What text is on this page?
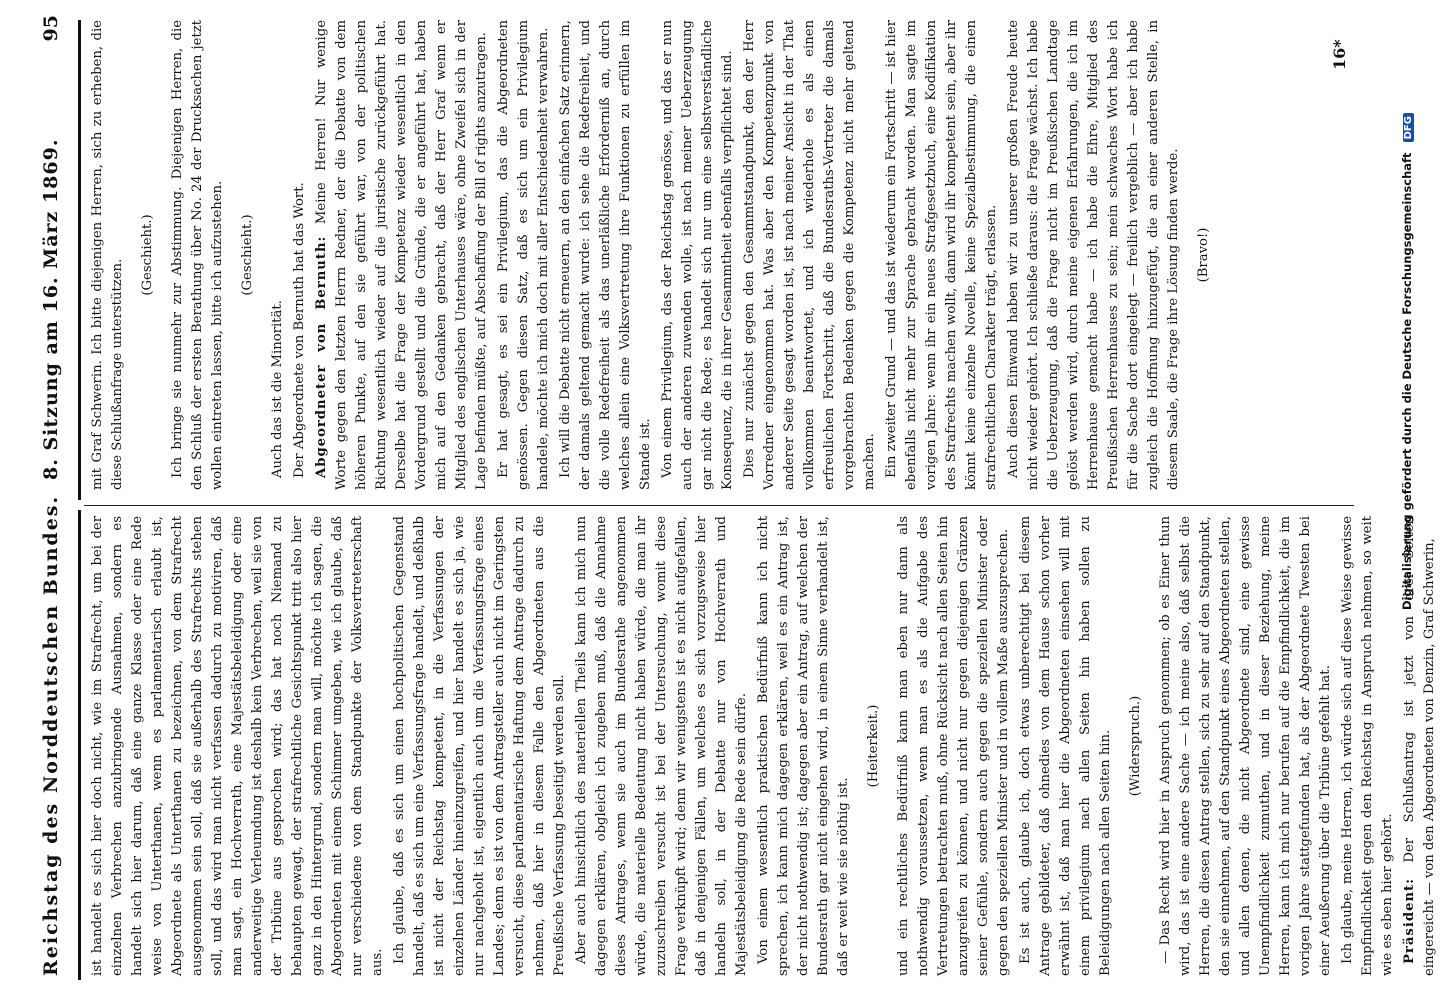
Reichstag des Norddeutschen Bundes.
8. Sitzung am 16. März 1869.
95

ist handelt es sich hier doch nicht, wie im Strafrecht, um bei der einzelnen Verbrechen anzubringende Ausnahmen, sondern es handelt sich hier darum, daß eine ganze Klasse oder eine Rede weise von Unterthanen, wenn es parlamentarisch erlaubt ist, Abgeordnete als Unterthanen zu bezeichnen, von dem Strafrecht ausgenommen sein soll, daß sie außerhalb des Strafrechts stehen soll, und das wird man nicht verfassen dadurch zu motiviren, daß man sagt, ein Hochverrath, eine Majestätsbeleidigung oder eine anderweitige Verleumdung ist deshalb kein Verbrechen, weil sie von der Tribüne aus gesprochen wird; das hat noch Niemand zu behaupten gewagt, der strafrechtliche Gesichtspunkt tritt also hier ganz in den Hintergrund, sondern man will, möchte ich sagen, die Abgeordneten mit einem Schimmer umgeben, wie ich glaube, daß nur verschiedene von dem Standpunkte der Volksvertreterschaft aus. Ich glaube, daß es sich um einen hochpolitischen Gegenstand handelt, daß es sich um eine Verfassungsfrage handelt, und deßhalb ist nicht der Reichstag kompetent, in die Verfassungen der einzelnen Länder hineinzugreifen, und hier handelt es sich ja, wie nur nachgeholt ist, eigentlich auch um die Verfassungsfrage eines Landes; denn es ist von dem Antragsteller auch nicht im Geringsten versucht, diese parlamentarische Haftung dem Antrage dadurch zu nehmen, daß hier in diesem Falle den Abgeordneten aus die Preußische Verfassung beseitigt werden soll. Aber auch hinsichtlich des materiellen Theils kann ich mich nun dagegen erklären, obgleich ich zugeben muß, daß die Annahme dieses Antrages, wenn sie auch im Bundesrathe angenommen würde, die materielle Bedeutung nicht haben würde, die man ihr zuzuschreiben versucht ist bei der Untersuchung, womit diese Frage verknüpft wird; denn wir wenigstens ist es nicht aufgefallen, daß in denjenigen Fällen, um welches es sich vorzugsweise hier handeln soll, in der Debatte nur von Hochverrath und Majestätsbeleidigung die Rede sein dürfe. Von einem wesentlich praktischen Bedürfniß kann ich nicht sprechen, ich kann mich dagegen erklären, weil es ein Antrag ist, der nicht nothwendig ist; dagegen aber ein Antrag, auf welchen der Bundesrath gar nicht eingehen wird, in einem Sinne verhandelt ist, daß er weit wie sie nöthig ist.

(Heiterkeit.) und ein rechtliches Bedürfniß kann man eben nur dann als nothwendig voraussetzen, wenn man es als die Aufgabe des Vertretungen betrachten muß, ohne Rücksicht nach allen Seiten hin anzugreifen zu können, und nicht nur gegen diejenigen Gränzen seiner Gefühle, sondern auch gegen die speziellen Minister oder gegen den speziellen Minister und in vollem Maße auszusprechen. Es ist auch, glaube ich, doch etwas unberechtigt bei diesem Antrage gebildeter, daß ohnedies von dem Hause schon vorher erwähnt ist, daß man hier die Abgeordneten einsehen will mit einem privilegium nach allen Seiten hin haben sollen zu Beleidigungen nach allen Seiten hin. (Widerspruch.) — Das Recht wird hier in Anspruch genommen; ob es Einer thun wird, das ist eine andere Sache — ich meine also, daß selbst die Herren, die diesen Antrag stellen, sich zu sehr auf den Standpunkt, den sie einnehmen, auf den Standpunkt eines Abgeordneten stellen, und allen denen, die nicht Abgeordnete sind, eine gewisse Unempfindlichkeit zumuthen, und in dieser Beziehung, meine Herren, kann ich mich nur berufen auf die Empfindlichkeit, die im vorigen Jahre stattgefunden hat, als der Abgeordnete Twesten bei einer Aeußerung über die Tribüne gefehlt hat. Ich glaube, meine Herren, ich würde sich auf diese Weise gewisse Empfindlichkeit gegen den Reichstag in Anspruch nehmen, so weit wie es eben hier gehört. Präsident: Der Schlußantrag ist jetzt von drei Seiten eingereicht — von den Abgeordneten von Denzin, Graf Schwerin,

mit Graf Schwerin. Ich bitte diejenigen Herren, sich zu erheben, die diese Schlußanfrage unterstützen.

(Geschieht.) Ich bringe sie nunmehr zur Abstimmung. Diejenigen Herren, die den Schluß der ersten Berathung über No. 24 der Drucksachen jetzt wollen eintreten lassen, bitte ich aufzustehen. (Geschieht.)

Auch das ist die Minorität. Der Abgeordnete von Bernuth hat das Wort. Abgeordneter von Bernuth: Meine Herren! Nur wenige Worte gegen den letzten Herrn Redner, der die Debatte von dem höheren Punkte, auf den sie geführt war, von der politischen Richtung wesentlich wieder auf die juristische zurückgeführt hat. Derselbe hat die Frage der Kompetenz wieder wesentlich in den Vordergrund gestellt und die Gründe, die er angeführt hat, haben mich auf den Gedanken gebracht, daß der Herr Graf wenn er Mitglied des englischen Unterhauses wäre, ohne Zweifel sich in der Lage befinden müßte, auf Abschaffung der Bill of rights anzutragen. Er hat gesagt, es sei ein Privilegium, das die Abgeordneten genössen. Gegen diesen Satz, daß es sich um ein Privilegium handele, möchte ich mich doch mit aller Entschiedenheit verwahren. Ich will die Debatte nicht erneuern, an den einfachen Satz erinnern, der damals geltend gemacht wurde: ich sehe die Redefreiheit, und die volle Redefreiheit als das unerläßliche Erforderniß an, durch welches allein eine Volksvertretung ihre Funktionen zu erfüllen im Stande ist. Von einem Privilegium, das der Reichstag genösse, und das er nun auch der anderen zuwenden wolle, ist nach meiner Ueberzeugung gar nicht die Rede; es handelt sich nur um eine selbstverständliche Konsequenz, die in ihrer Gesammtheit ebenfalls verpflichtet sind. Dies nur zunächst gegen den Gesammtstandpunkt, den der Herr Vorredner eingenommen hat. Was aber den Kompetenzpunkt von anderer Seite gesagt worden ist, ist nach meiner Ansicht in der That vollkommen beantwortet, und ich wiederhole es als einen erfreulichen Fortschritt, daß die Bundesraths-Vertreter die damals vorgebrachten Bedenken gegen die Kompetenz nicht mehr geltend machen. Ein zweiter Grund — und das ist wiederum ein Fortschritt — ist hier ebenfalls nicht mehr zur Sprache gebracht worden. Man sagte im vorigen Jahre: wenn ihr ein neues Strafgesetzbuch, eine Kodifikation des Strafrechts machen wollt, dann wird ihr kompetent sein, aber ihr könnt keine einzelne Novelle, keine Spezialbestimmung, die einen strafrechtlichen Charakter trägt, erlassen. Auch diesen Einwand haben wir zu unserer großen Freude heute nicht wieder gehört. Ich schließe daraus: die Frage wächst. Ich habe die Ueberzeugung, daß die Frage nicht im Preußischen Landtage gelöst werden wird, durch meine eigenen Erfahrungen, die ich im Herrenhause gemacht habe — ich habe die Ehre, Mitglied des Preußischen Herrenhauses zu sein; mein schwaches Wort habe ich für die Sache dort eingelegt — freilich vergeblich — aber ich habe zugleich die Hoffnung hinzugefügt, die an einer anderen Stelle, in diesem Saale, die Frage ihre Lösung finden werde. (Bravo!)

16*
Digitalisierung gefördert durch die Deutsche Forschungsgemeinschaft DFG
